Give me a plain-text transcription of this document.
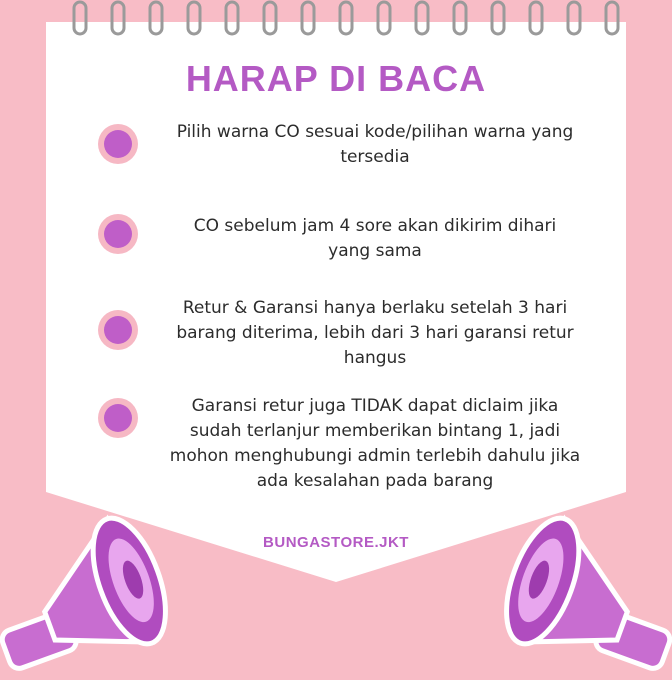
HARAP DI BACA
Pilih warna CO sesuai kode/pilihan warna yang
tersedia
CO sebelum jam 4 sore akan dikirim dihari
yang sama
Retur & Garansi hanya berlaku setelah 3 hari
barang diterima, lebih dari 3 hari garansi retur
hangus
Garansi retur juga TIDAK dapat diclaim jika
sudah terlanjur memberikan bintang 1, jadi
mohon menghubungi admin terlebih dahulu jika
ada kesalahan pada barang
BUNGASTORE.JKT
